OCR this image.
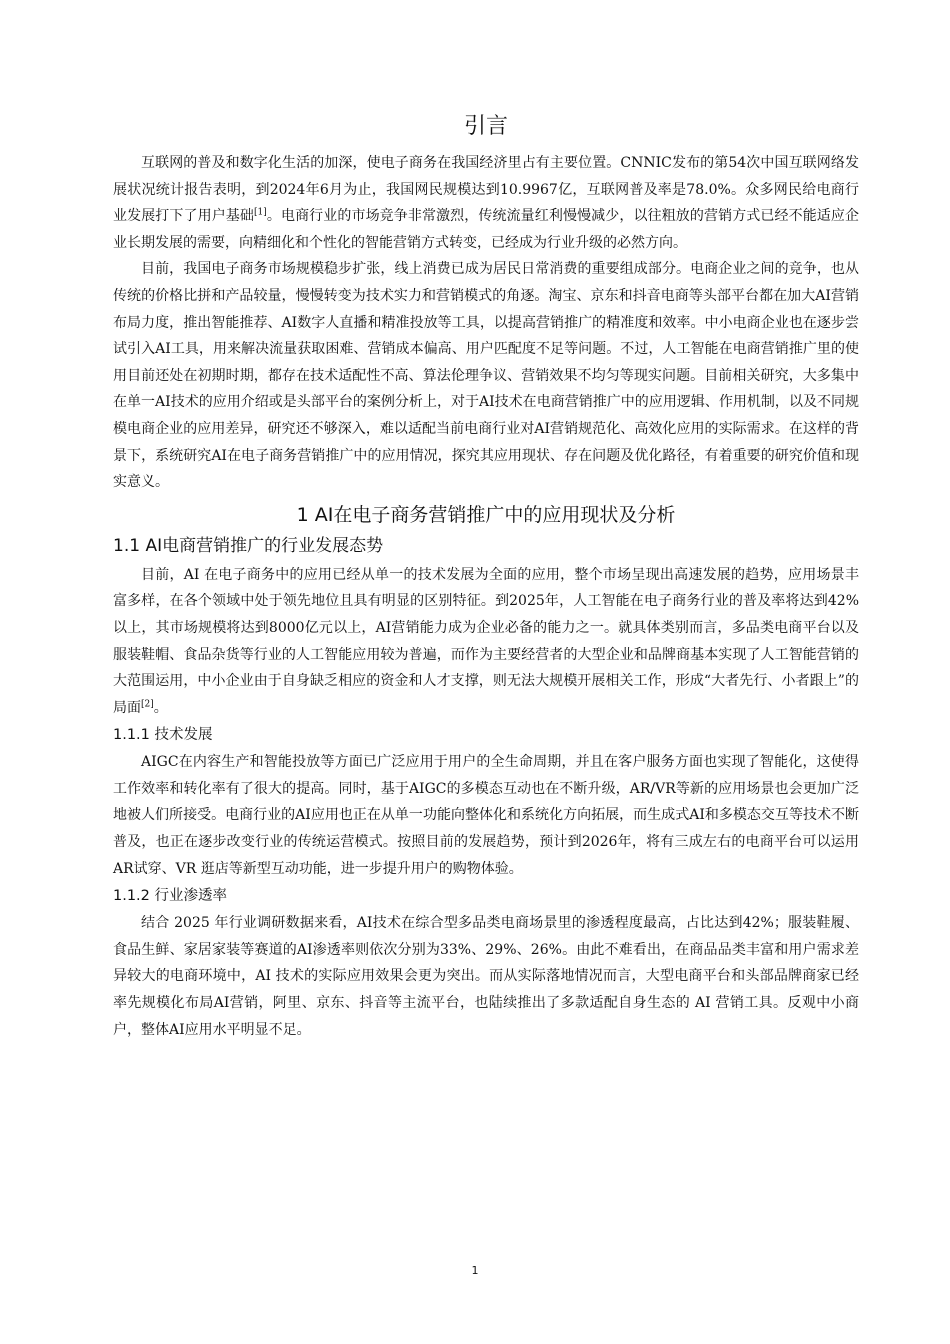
引言

互联网的普及和数字化生活的加深，使电子商务在我国经济里占有主要位置。CNNIC发布的第54次中国互联网络发展状况统计报告表明，到2024年6月为止，我国网民规模达到10.9967亿，互联网普及率是78.0%。众多网民给电商行业发展打下了用户基础[1]。电商行业的市场竞争非常激烈，传统流量红利慢慢减少，以往粗放的营销方式已经不能适应企业长期发展的需要，向精细化和个性化的智能营销方式转变，已经成为行业升级的必然方向。

目前，我国电子商务市场规模稳步扩张，线上消费已成为居民日常消费的重要组成部分。电商企业之间的竞争，也从传统的价格比拼和产品较量，慢慢转变为技术实力和营销模式的角逐。淘宝、京东和抖音电商等头部平台都在加大AI营销布局力度，推出智能推荐、AI数字人直播和精准投放等工具，以提高营销推广的精准度和效率。中小电商企业也在逐步尝试引入AI工具，用来解决流量获取困难、营销成本偏高、用户匹配度不足等问题。不过，人工智能在电商营销推广里的使用目前还处在初期时期，都存在技术适配性不高、算法伦理争议、营销效果不均匀等现实问题。目前相关研究，大多集中在单一AI技术的应用介绍或是头部平台的案例分析上，对于AI技术在电商营销推广中的应用逻辑、作用机制，以及不同规模电商企业的应用差异，研究还不够深入，难以适配当前电商行业对AI营销规范化、高效化应用的实际需求。在这样的背景下，系统研究AI在电子商务营销推广中的应用情况，探究其应用现状、存在问题及优化路径，有着重要的研究价值和现实意义。

1 AI在电子商务营销推广中的应用现状及分析
1.1 AI电商营销推广的行业发展态势

目前，AI 在电子商务中的应用已经从单一的技术发展为全面的应用，整个市场呈现出高速发展的趋势，应用场景丰富多样，在各个领域中处于领先地位且具有明显的区别特征。到2025年，人工智能在电子商务行业的普及率将达到42%以上，其市场规模将达到8000亿元以上，AI营销能力成为企业必备的能力之一。就具体类别而言，多品类电商平台以及服装鞋帽、食品杂货等行业的人工智能应用较为普遍，而作为主要经营者的大型企业和品牌商基本实现了人工智能营销的大范围运用，中小企业由于自身缺乏相应的资金和人才支撑，则无法大规模开展相关工作，形成“大者先行、小者跟上”的局面[2]。

1.1.1 技术发展

AIGC在内容生产和智能投放等方面已广泛应用于用户的全生命周期，并且在客户服务方面也实现了智能化，这使得工作效率和转化率有了很大的提高。同时，基于AIGC的多模态互动也在不断升级，AR/VR等新的应用场景也会更加广泛地被人们所接受。电商行业的AI应用也正在从单一功能向整体化和系统化方向拓展，而生成式AI和多模态交互等技术不断普及，也正在逐步改变行业的传统运营模式。按照目前的发展趋势，预计到2026年，将有三成左右的电商平台可以运用 AR试穿、VR 逛店等新型互动功能，进一步提升用户的购物体验。

1.1.2 行业渗透率

结合 2025 年行业调研数据来看，AI技术在综合型多品类电商场景里的渗透程度最高，占比达到42%；服装鞋履、食品生鲜、家居家装等赛道的AI渗透率则依次分别为33%、29%、26%。由此不难看出，在商品品类丰富和用户需求差异较大的电商环境中，AI 技术的实际应用效果会更为突出。而从实际落地情况而言，大型电商平台和头部品牌商家已经率先规模化布局AI营销，阿里、京东、抖音等主流平台，也陆续推出了多款适配自身生态的 AI 营销工具。反观中小商户，整体AI应用水平明显不足。

1
